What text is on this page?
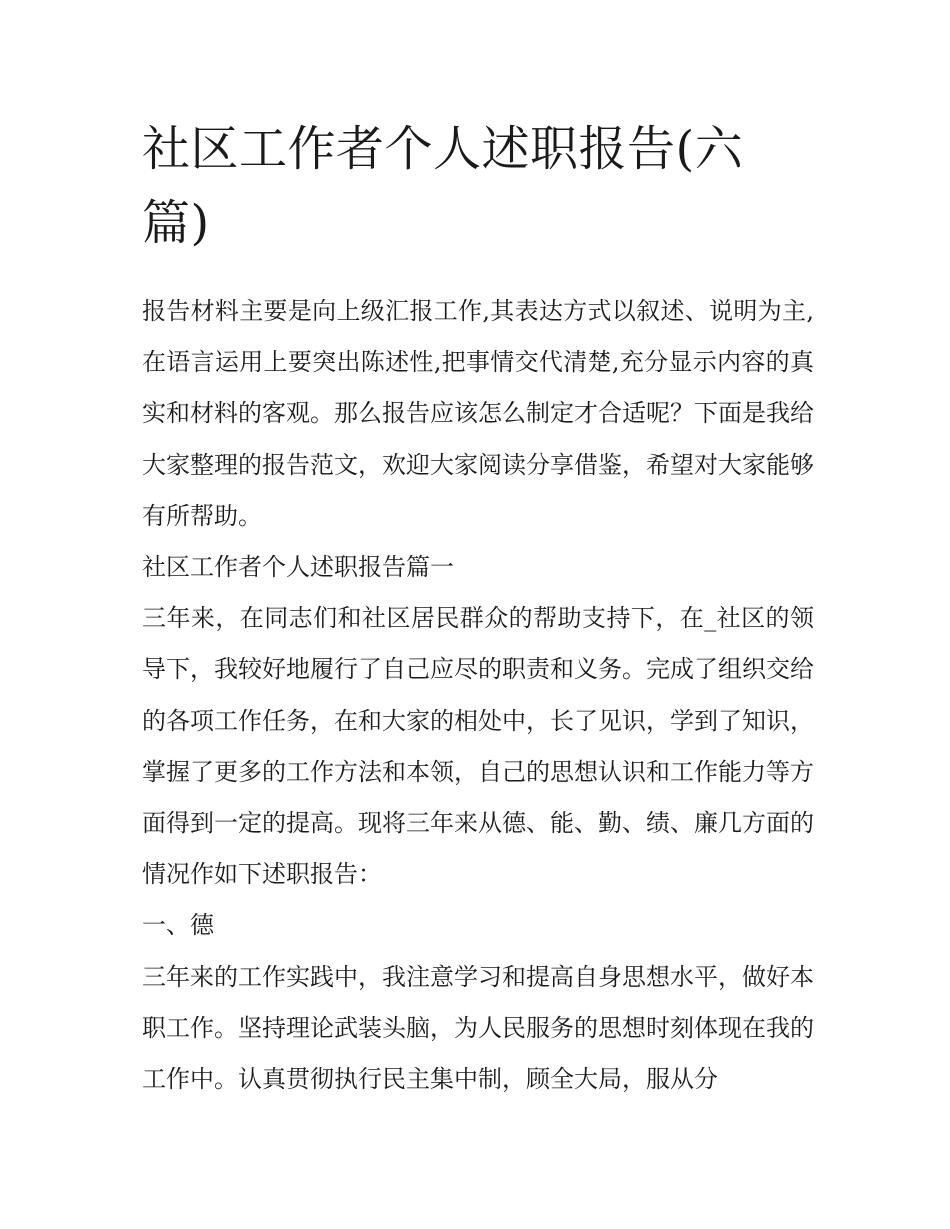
社区工作者个人述职报告(六篇)

报告材料主要是向上级汇报工作,其表达方式以叙述、说明为主,在语言运用上要突出陈述性,把事情交代清楚,充分显示内容的真实和材料的客观。那么报告应该怎么制定才合适呢？下面是我给大家整理的报告范文，欢迎大家阅读分享借鉴，希望对大家能够有所帮助。

社区工作者个人述职报告篇一

三年来，在同志们和社区居民群众的帮助支持下，在_社区的领导下，我较好地履行了自己应尽的职责和义务。完成了组织交给的各项工作任务，在和大家的相处中，长了见识，学到了知识，掌握了更多的工作方法和本领，自己的思想认识和工作能力等方面得到一定的提高。现将三年来从德、能、勤、绩、廉几方面的情况作如下述职报告：

一、德

三年来的工作实践中，我注意学习和提高自身思想水平，做好本职工作。坚持理论武装头脑，为人民服务的思想时刻体现在我的工作中。认真贯彻执行民主集中制，顾全大局，服从分
